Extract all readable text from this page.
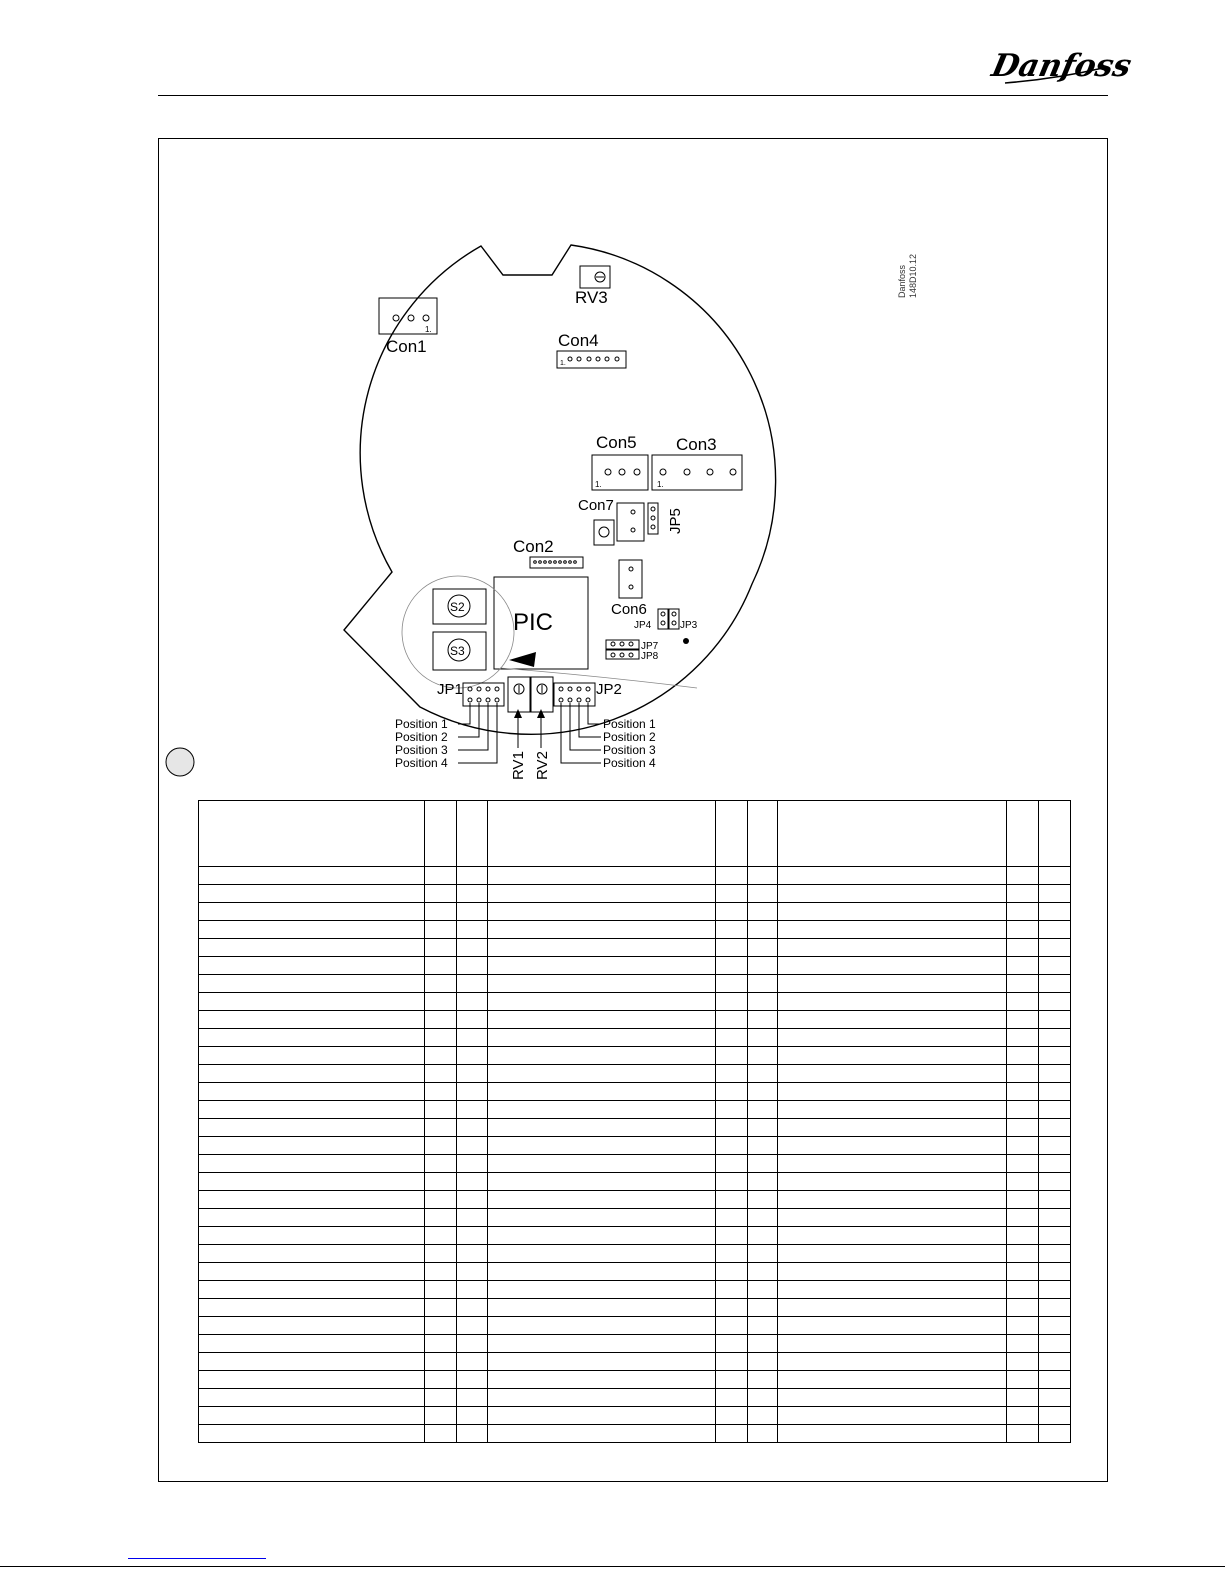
Danfoss
1.
Con1
RV3
Con4
1.
Con5 Con3
1.	1.
Con7
JP5
Con2
PIC
S2
S3
Con6
JP4	JP3
JP7
JP8
JP1
Position 1
Position 2
Position 3
Position 4	RV1 RV2
JP2
Position 1
Position 2
Position 3
Position 4
Danfoss 148D10.12
